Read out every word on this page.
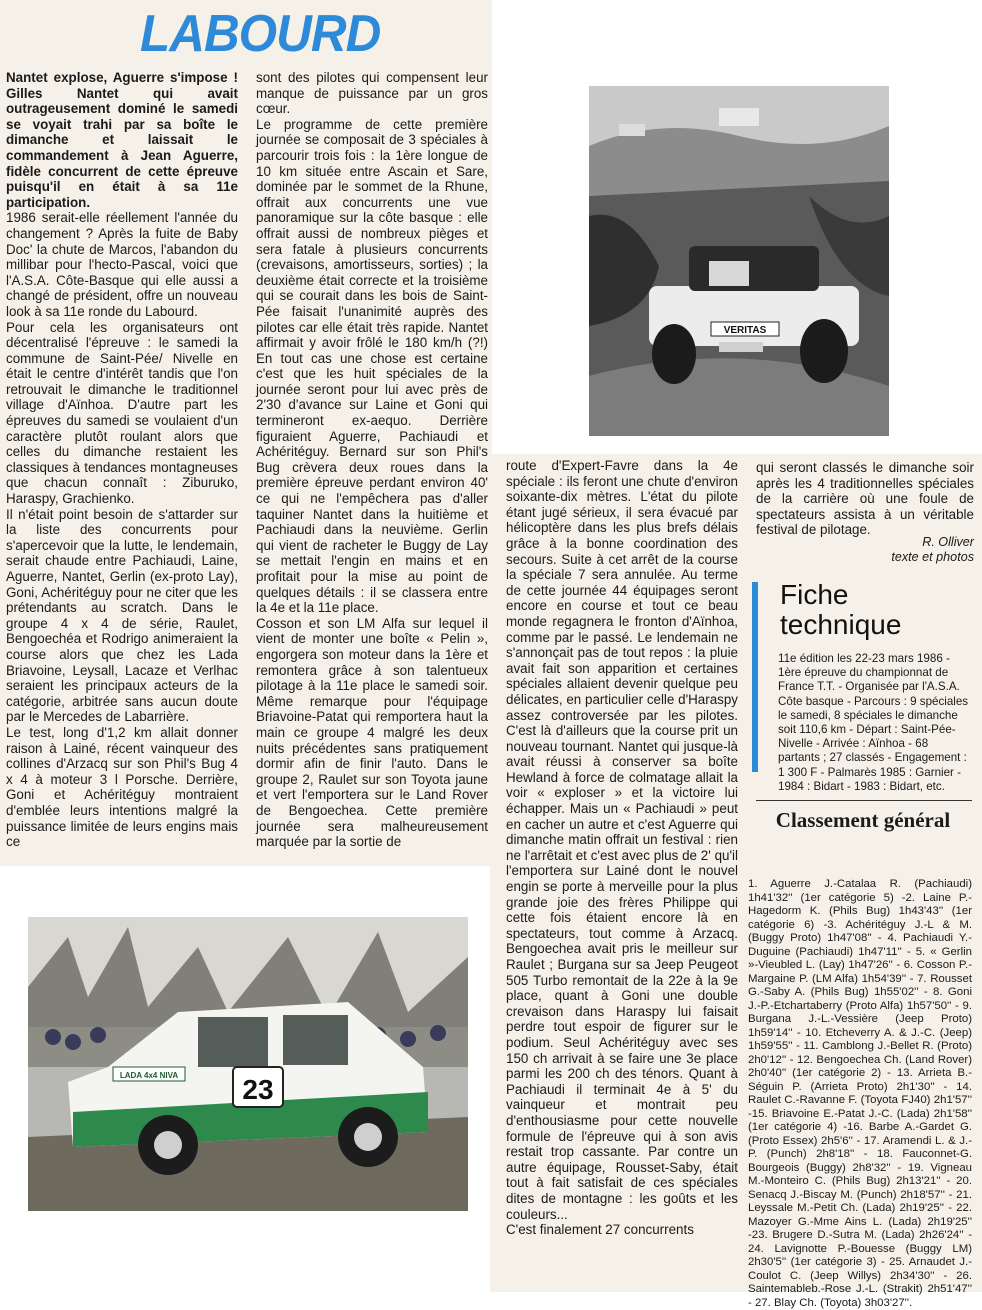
LABOURD

Nantet explose, Aguerre s'impose ! Gilles Nantet qui avait outrageusement dominé le samedi se voyait trahi par sa boîte le dimanche et laissait le commandement à Jean Aguerre, fidèle concurrent de cette épreuve puisqu'il en était à sa 11e participation.

1986 serait-elle réellement l'année du changement ? Après la fuite de Baby Doc' la chute de Marcos, l'abandon du millibar pour l'hecto-Pascal, voici que l'A.S.A. Côte-Basque qui elle aussi a changé de président, offre un nouveau look à sa 11e ronde du Labourd.

Pour cela les organisateurs ont décentralisé l'épreuve : le samedi la commune de Saint-Pée/ Nivelle en était le centre d'intérêt tandis que l'on retrouvait le dimanche le traditionnel village d'Aïnhoa. D'autre part les épreuves du samedi se voulaient d'un caractère plutôt roulant alors que celles du dimanche restaient les classiques à tendances montagneuses que chacun connaît : Ziburuko, Haraspy, Grachienko.

Il n'était point besoin de s'attarder sur la liste des concurrents pour s'apercevoir que la lutte, le lendemain, serait chaude entre Pachiaudi, Laine, Aguerre, Nantet, Gerlin (ex-proto Lay), Goni, Achéritéguy pour ne citer que les prétendants au scratch. Dans le groupe 4 x 4 de série, Raulet, Bengoechéa et Rodrigo animeraient la course alors que chez les Lada Briavoine, Leysall, Lacaze et Verlhac seraient les principaux acteurs de la catégorie, arbitrée sans aucun doute par le Mercedes de Labarrière.

Le test, long d'1,2 km allait donner raison à Lainé, récent vainqueur des collines d'Arzacq sur son Phil's Bug 4 x 4 à moteur 3 l Porsche. Derrière, Goni et Achéritéguy montraient d'emblée leurs intentions malgré la puissance limitée de leurs engins mais ce

sont des pilotes qui compensent leur manque de puissance par un gros cœur.

Le programme de cette première journée se composait de 3 spéciales à parcourir trois fois : la 1ère longue de 10 km située entre Ascain et Sare, dominée par le sommet de la Rhune, offrait aux concurrents une vue panoramique sur la côte basque : elle offrait aussi de nombreux pièges et sera fatale à plusieurs concurrents (crevaisons, amortisseurs, sorties) ; la deuxième était correcte et la troisième qui se courait dans les bois de Saint-Pée faisait l'unanimité auprès des pilotes car elle était très rapide. Nantet affirmait y avoir frôlé le 180 km/h (?!) En tout cas une chose est certaine c'est que les huit spéciales de la journée seront pour lui avec près de 2'30 d'avance sur Laine et Goni qui termineront ex-aequo. Derrière figuraient Aguerre, Pachiaudi et Achéritéguy. Bernard sur son Phil's Bug crèvera deux roues dans la première épreuve perdant environ 40' ce qui ne l'empêchera pas d'aller taquiner Nantet dans la huitième et Pachiaudi dans la neuvième. Gerlin qui vient de racheter le Buggy de Lay se mettait l'engin en mains et en profitait pour la mise au point de quelques détails : il se classera entre la 4e et la 11e place.

Cosson et son LM Alfa sur lequel il vient de monter une boîte « Pelin », engorgera son moteur dans la 1ère et remontera grâce à son talentueux pilotage à la 11e place le samedi soir. Même remarque pour l'équipage Briavoine-Patat qui remportera haut la main ce groupe 4 malgré les deux nuits précédentes sans pratiquement dormir afin de finir l'auto. Dans le groupe 2, Raulet sur son Toyota jaune et vert l'emportera sur le Land Rover de Bengoechea. Cette première journée sera malheureusement marquée par la sortie de

VERITAS

route d'Expert-Favre dans la 4e spéciale : ils feront une chute d'environ soixante-dix mètres. L'état du pilote étant jugé sérieux, il sera évacué par hélicoptère dans les plus brefs délais grâce à la bonne coordination des secours. Suite à cet arrêt de la course la spéciale 7 sera annulée. Au terme de cette journée 44 équipages seront encore en course et tout ce beau monde regagnera le fronton d'Aïnhoa, comme par le passé. Le lendemain ne s'annonçait pas de tout repos : la pluie avait fait son apparition et certaines spéciales allaient devenir quelque peu délicates, en particulier celle d'Haraspy assez controversée par les pilotes. C'est là d'ailleurs que la course prit un nouveau tournant. Nantet qui jusque-là avait réussi à conserver sa boîte Hewland à force de colmatage allait la voir « exploser » et la victoire lui échapper. Mais un « Pachiaudi » peut en cacher un autre et c'est Aguerre qui dimanche matin offrait un festival : rien ne l'arrêtait et c'est avec plus de 2' qu'il l'emportera sur Lainé dont le nouvel engin se porte à merveille pour la plus grande joie des frères Philippe qui cette fois étaient encore là en spectateurs, tout comme à Arzacq. Bengoechea avait pris le meilleur sur Raulet ; Burgana sur sa Jeep Peugeot 505 Turbo remontait de la 22e à la 9e place, quant à Goni une double crevaison dans Haraspy lui faisait perdre tout espoir de figurer sur le podium. Seul Achéritéguy avec ses 150 ch arrivait à se faire une 3e place parmi les 200 ch des ténors. Quant à Pachiaudi il terminait 4e à 5' du vainqueur et montrait peu d'enthousiasme pour cette nouvelle formule de l'épreuve qui à son avis restait trop cassante. Par contre un autre équipage, Rousset-Saby, était tout à fait satisfait de ces spéciales dites de montagne : les goûts et les couleurs...

C'est finalement 27 concurrents

qui seront classés le dimanche soir après les 4 traditionnelles spéciales de la carrière où une foule de spectateurs assista à un véritable festival de pilotage.

R. Olliver
texte et photos
Fiche technique
11e édition les 22-23 mars 1986 - 1ère épreuve du championnat de France T.T. - Organisée par l'A.S.A. Côte basque - Parcours : 9 spéciales le samedi, 8 spéciales le dimanche soit 110,6 km - Départ : Saint-Pée-Nivelle - Arrivée : Aïnhoa - 68 partants ; 27 classés - Engagement : 1 300 F - Palmarès 1985 : Garnier - 1984 : Bidart - 1983 : Bidart, etc.
Classement général
1. Aguerre J.-Catalaa R. (Pachiaudi) 1h41'32'' (1er catégorie 5) -2. Laine P.-Hagedorm K. (Phils Bug) 1h43'43'' (1er catégorie 6) -3. Achéritéguy J.-L & M. (Buggy Proto) 1h47'08'' - 4. Pachiaudi Y.-Duguine (Pachiaudi) 1h47'11'' - 5. « Gerlin »-Vieubled L. (Lay) 1h47'26'' - 6. Cosson P.-Margaine P. (LM Alfa) 1h54'39'' - 7. Rousset G.-Saby A. (Phils Bug) 1h55'02'' - 8. Goni J.-P.-Etchartaberry (Proto Alfa) 1h57'50'' - 9. Burgana J.-L.-Vessière (Jeep Proto) 1h59'14'' - 10. Etcheverry A. & J.-C. (Jeep) 1h59'55'' - 11. Camblong J.-Bellet R. (Proto) 2h0'12'' - 12. Bengoechea Ch. (Land Rover) 2h0'40'' (1er catégorie 2) - 13. Arrieta B.-Séguin P. (Arrieta Proto) 2h1'30'' - 14. Raulet C.-Ravanne F. (Toyota FJ40) 2h1'57'' -15. Briavoine E.-Patat J.-C. (Lada) 2h1'58'' (1er catégorie 4) -16. Barbe A.-Gardet G. (Proto Essex) 2h5'6'' - 17. Aramendi L. & J.-P. (Punch) 2h8'18'' - 18. Fauconnet-G. Bourgeois (Buggy) 2h8'32'' - 19. Vigneau M.-Monteiro C. (Phils Bug) 2h13'21'' - 20. Senacq J.-Biscay M. (Punch) 2h18'57'' - 21. Leyssale M.-Petit Ch. (Lada) 2h19'25'' - 22. Mazoyer G.-Mme Ains L. (Lada) 2h19'25'' -23. Brugere D.-Sutra M. (Lada) 2h26'24'' - 24. Lavignotte P.-Bouesse (Buggy LM) 2h30'5'' (1er catégorie 3) - 25. Arnaudet J.-Coulot C. (Jeep Willys) 2h34'30'' - 26. Saintemableb.-Rose J.-L. (Strakit) 2h51'47'' - 27. Blay Ch. (Toyota) 3h03'27''.
23
LADA 4x4 NIVA
